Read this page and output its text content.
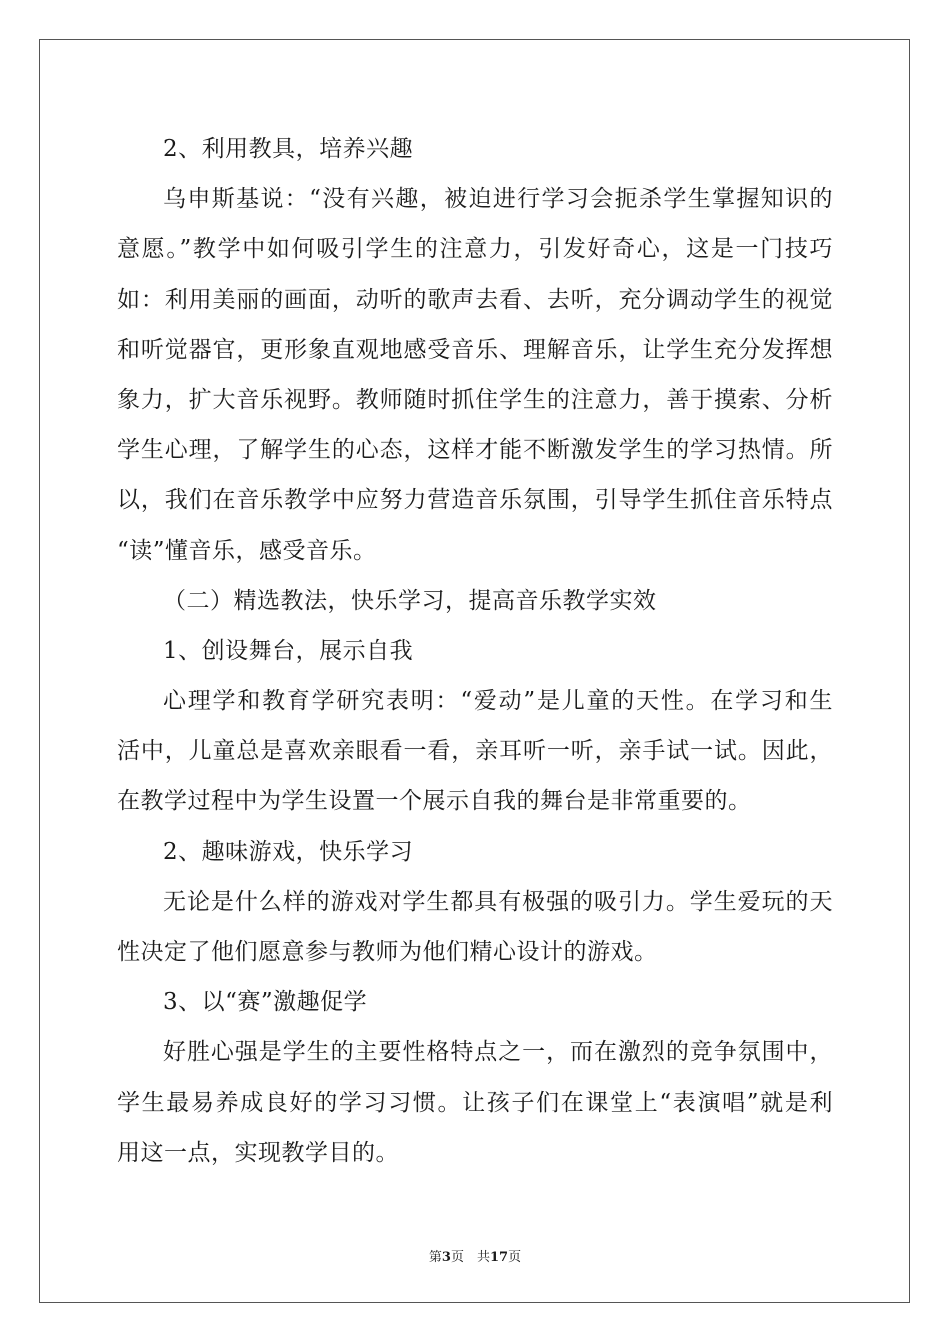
2、利用教具，培养兴趣
乌申斯基说：“没有兴趣，被迫进行学习会扼杀学生掌握知识的
意愿。”教学中如何吸引学生的注意力，引发好奇心，这是一门技巧
如：利用美丽的画面，动听的歌声去看、去听，充分调动学生的视觉
和听觉器官，更形象直观地感受音乐、理解音乐，让学生充分发挥想
象力，扩大音乐视野。教师随时抓住学生的注意力，善于摸索、分析
学生心理，了解学生的心态，这样才能不断激发学生的学习热情。所
以，我们在音乐教学中应努力营造音乐氛围，引导学生抓住音乐特点
“读”懂音乐，感受音乐。
（二）精选教法，快乐学习，提高音乐教学实效
1、创设舞台，展示自我
心理学和教育学研究表明：“爱动”是儿童的天性。在学习和生
活中，儿童总是喜欢亲眼看一看，亲耳听一听，亲手试一试。因此，
在教学过程中为学生设置一个展示自我的舞台是非常重要的。
2、趣味游戏，快乐学习
无论是什么样的游戏对学生都具有极强的吸引力。学生爱玩的天
性决定了他们愿意参与教师为他们精心设计的游戏。
3、以“赛”激趣促学
好胜心强是学生的主要性格特点之一，而在激烈的竞争氛围中，
学生最易养成良好的学习习惯。让孩子们在课堂上“表演唱”就是利
用这一点，实现教学目的。
第3页　共17页
